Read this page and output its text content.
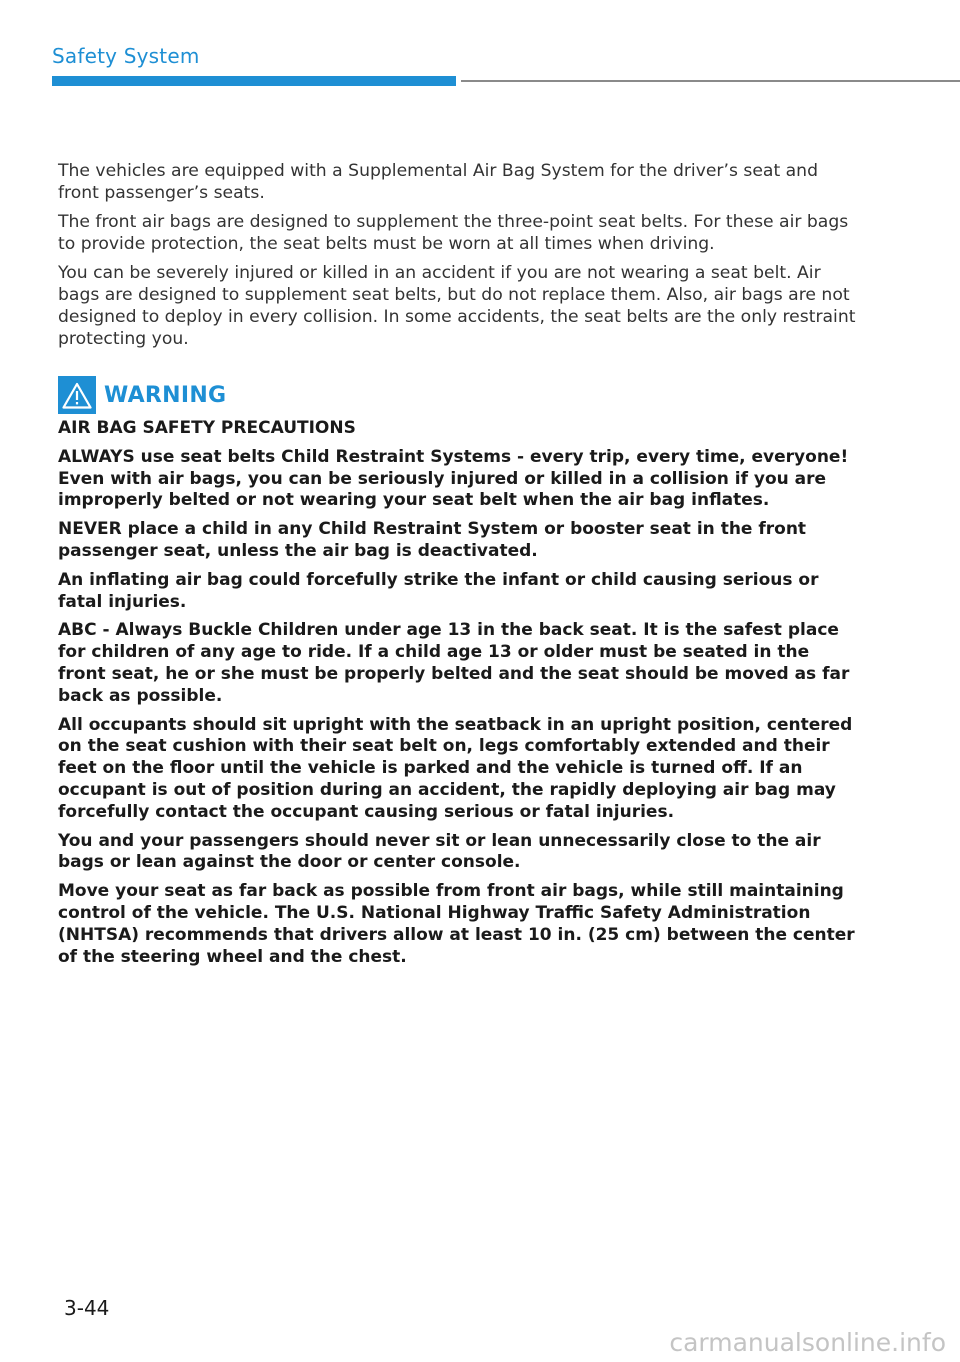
Safety System

The vehicles are equipped with a Supplemental Air Bag System for the driver’s seat and front passenger’s seats.

The front air bags are designed to supplement the three-point seat belts. For these air bags to provide protection, the seat belts must be worn at all times when driving.

You can be severely injured or killed in an accident if you are not wearing a seat belt. Air bags are designed to supplement seat belts, but do not replace them. Also, air bags are not designed to deploy in every collision. In some accidents, the seat belts are the only restraint protecting you.

WARNING

AIR BAG SAFETY PRECAUTIONS

ALWAYS use seat belts Child Restraint Systems - every trip, every time, everyone! Even with air bags, you can be seriously injured or killed in a collision if you are improperly belted or not wearing your seat belt when the air bag inflates.

NEVER place a child in any Child Restraint System or booster seat in the front passenger seat, unless the air bag is deactivated.

An inflating air bag could forcefully strike the infant or child causing serious or fatal injuries.

ABC - Always Buckle Children under age 13 in the back seat. It is the safest place for children of any age to ride. If a child age 13 or older must be seated in the front seat, he or she must be properly belted and the seat should be moved as far back as possible.

All occupants should sit upright with the seatback in an upright position, centered on the seat cushion with their seat belt on, legs comfortably extended and their feet on the floor until the vehicle is parked and the vehicle is turned off. If an occupant is out of position during an accident, the rapidly deploying air bag may forcefully contact the occupant causing serious or fatal injuries.

You and your passengers should never sit or lean unnecessarily close to the air bags or lean against the door or center console.

Move your seat as far back as possible from front air bags, while still maintaining control of the vehicle. The U.S. National Highway Traffic Safety Administration (NHTSA) recommends that drivers allow at least 10 in. (25 cm) between the center of the steering wheel and the chest.

3-44
carmanualsonline.info
